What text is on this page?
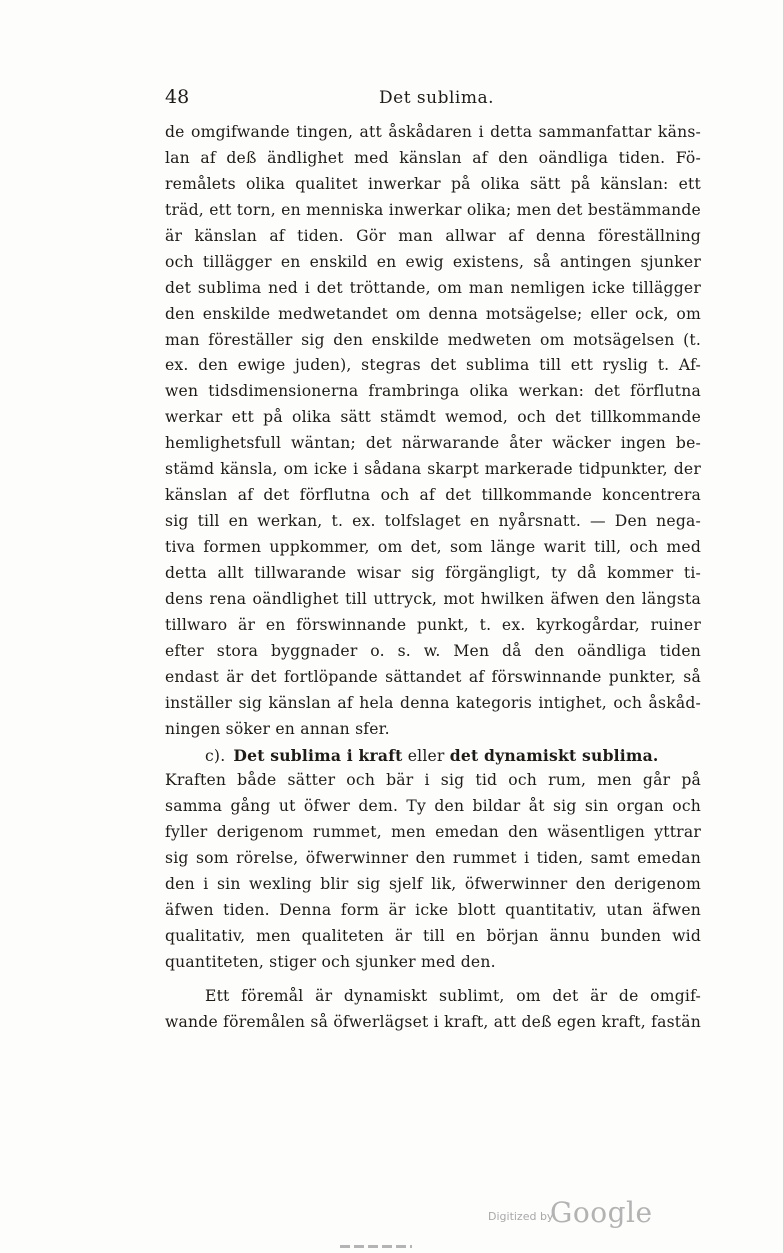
48	Det sublima.
de omgifwande tingen, att åskådaren i detta sammanfattar käns-
lan af deß ändlighet med känslan af den oändliga tiden. Fö-
remålets olika qualitet inwerkar på olika sätt på känslan: ett
träd, ett torn, en menniska inwerkar olika; men det bestämmande
är känslan af tiden. Gör man allwar af denna föreställning
och tillägger en enskild en ewig existens, så antingen sjunker
det sublima ned i det tröttande, om man nemligen icke tillägger
den enskilde medwetandet om denna motsägelse; eller ock, om
man föreställer sig den enskilde medweten om motsägelsen (t.
ex. den ewige juden), stegras det sublima till ett ryslig t. Af-
wen tidsdimensionerna frambringa olika werkan: det förflutna
werkar ett på olika sätt stämdt wemod, och det tillkommande
hemlighetsfull wäntan; det närwarande åter wäcker ingen be-
stämd känsla, om icke i sådana skarpt markerade tidpunkter, der
känslan af det förflutna och af det tillkommande koncentrera
sig till en werkan, t. ex. tolfslaget en nyårsnatt. — Den nega-
tiva formen uppkommer, om det, som länge warit till, och med
detta allt tillwarande wisar sig förgängligt, ty då kommer ti-
dens rena oändlighet till uttryck, mot hwilken äfwen den längsta
tillwaro är en förswinnande punkt, t. ex. kyrkogårdar, ruiner
efter stora byggnader o. s. w. Men då den oändliga tiden
endast är det fortlöpande sättandet af förswinnande punkter, så
inställer sig känslan af hela denna kategoris intighet, och åskåd-
ningen söker en annan sfer.
c). Det sublima i kraft eller det dynamiskt sublima.
Kraften både sätter och bär i sig tid och rum, men går på
samma gång ut öfwer dem. Ty den bildar åt sig sin organ och
fyller derigenom rummet, men emedan den wäsentligen yttrar
sig som rörelse, öfwerwinner den rummet i tiden, samt emedan
den i sin wexling blir sig sjelf lik, öfwerwinner den derigenom
äfwen tiden. Denna form är icke blott quantitativ, utan äfwen
qualitativ, men qualiteten är till en början ännu bunden wid
quantiteten, stiger och sjunker med den.
Ett föremål är dynamiskt sublimt, om det är de omgif-
wande föremålen så öfwerlägset i kraft, att deß egen kraft, fastän
Digitized by
Google
